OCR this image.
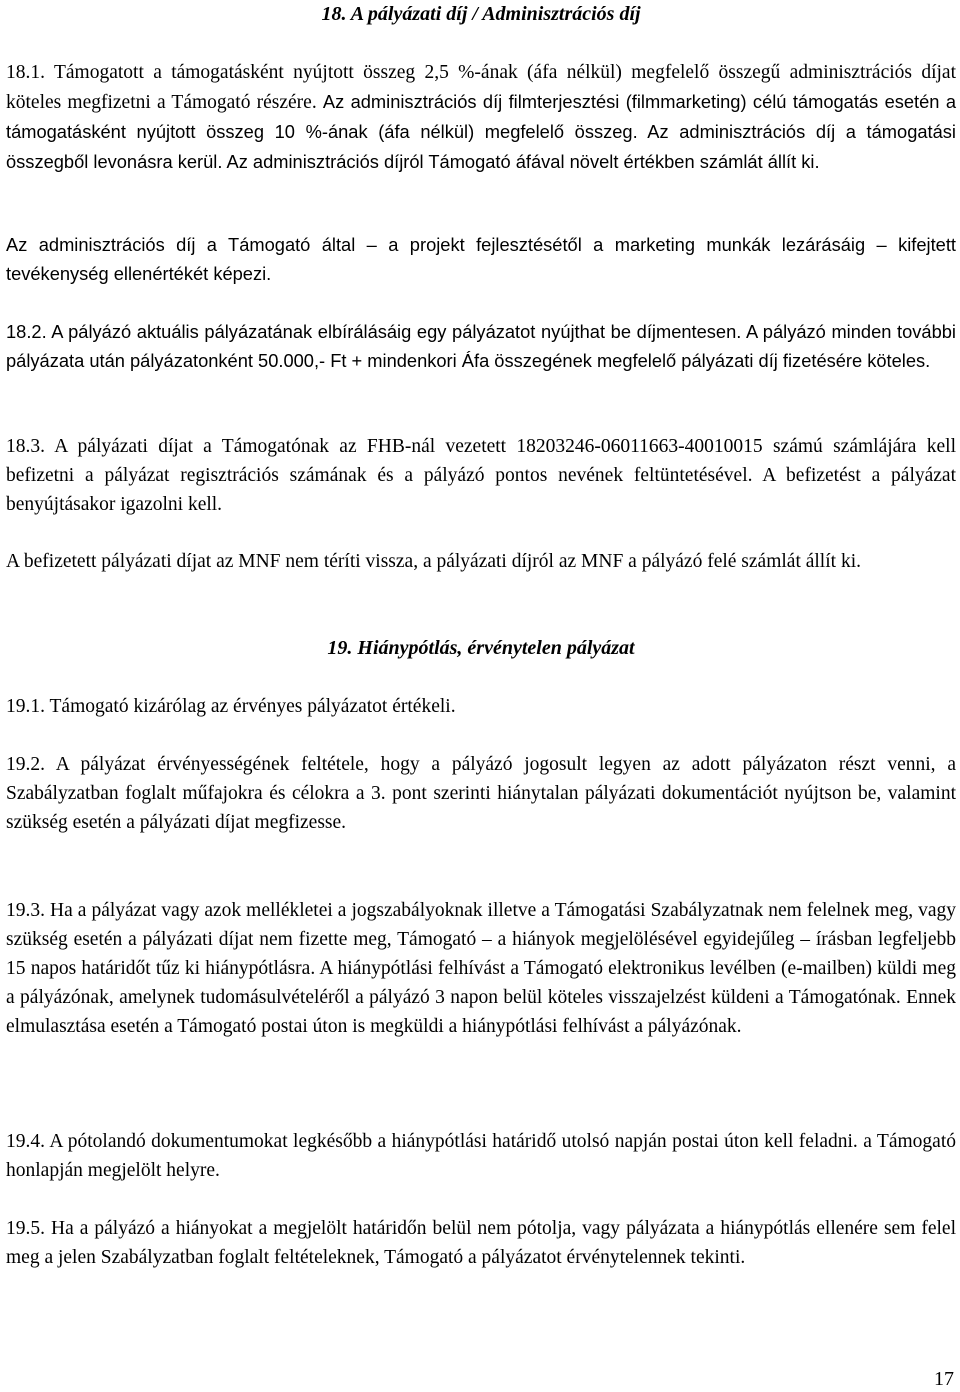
18. A pályázati díj / Adminisztrációs díj

18.1. Támogatott a támogatásként nyújtott összeg 2,5 %-ának (áfa nélkül) megfelelő összegű adminisztrációs díjat köteles megfizetni a Támogató részére. Az adminisztrációs díj filmterjesztési (filmmarketing) célú támogatás esetén a támogatásként nyújtott összeg 10 %-ának (áfa nélkül) megfelelő összeg. Az adminisztrációs díj a támogatási összegből levonásra kerül. Az adminisztrációs díjról Támogató áfával növelt értékben számlát állít ki.

Az adminisztrációs díj a Támogató által – a projekt fejlesztésétől a marketing munkák lezárásáig – kifejtett tevékenység ellenértékét képezi.

18.2. A pályázó aktuális pályázatának elbírálásáig egy pályázatot nyújthat be díjmentesen. A pályázó minden további pályázata után pályázatonként 50.000,- Ft + mindenkori Áfa összegének megfelelő pályázati díj fizetésére köteles.

18.3. A pályázati díjat a Támogatónak az FHB-nál vezetett 18203246-06011663-40010015 számú számlájára kell befizetni a pályázat regisztrációs számának és a pályázó pontos nevének feltüntetésével. A befizetést a pályázat benyújtásakor igazolni kell.

A befizetett pályázati díjat az MNF nem téríti vissza, a pályázati díjról az MNF a pályázó felé számlát állít ki.

19. Hiánypótlás, érvénytelen pályázat

19.1. Támogató kizárólag az érvényes pályázatot értékeli.

19.2. A pályázat érvényességének feltétele, hogy a pályázó jogosult legyen az adott pályázaton részt venni, a Szabályzatban foglalt műfajokra és célokra a 3. pont szerinti hiánytalan pályázati dokumentációt nyújtson be, valamint szükség esetén a pályázati díjat megfizesse.

19.3. Ha a pályázat vagy azok mellékletei a jogszabályoknak illetve a Támogatási Szabályzatnak nem felelnek meg, vagy szükség esetén a pályázati díjat nem fizette meg, Támogató – a hiányok megjelölésével egyidejűleg – írásban legfeljebb 15 napos határidőt tűz ki hiánypótlásra. A hiánypótlási felhívást a Támogató elektronikus levélben (e-mailben) küldi meg a pályázónak, amelynek tudomásulvételéről a pályázó 3 napon belül köteles visszajelzést küldeni a Támogatónak. Ennek elmulasztása esetén a Támogató postai úton is megküldi a hiánypótlási felhívást a pályázónak.

19.4. A pótolandó dokumentumokat legkésőbb a hiánypótlási határidő utolsó napján postai úton kell feladni. a Támogató honlapján megjelölt helyre.

19.5. Ha a pályázó a hiányokat a megjelölt határidőn belül nem pótolja, vagy pályázata a hiánypótlás ellenére sem felel meg a jelen Szabályzatban foglalt feltételeknek, Támogató a pályázatot érvénytelennek tekinti.

17
